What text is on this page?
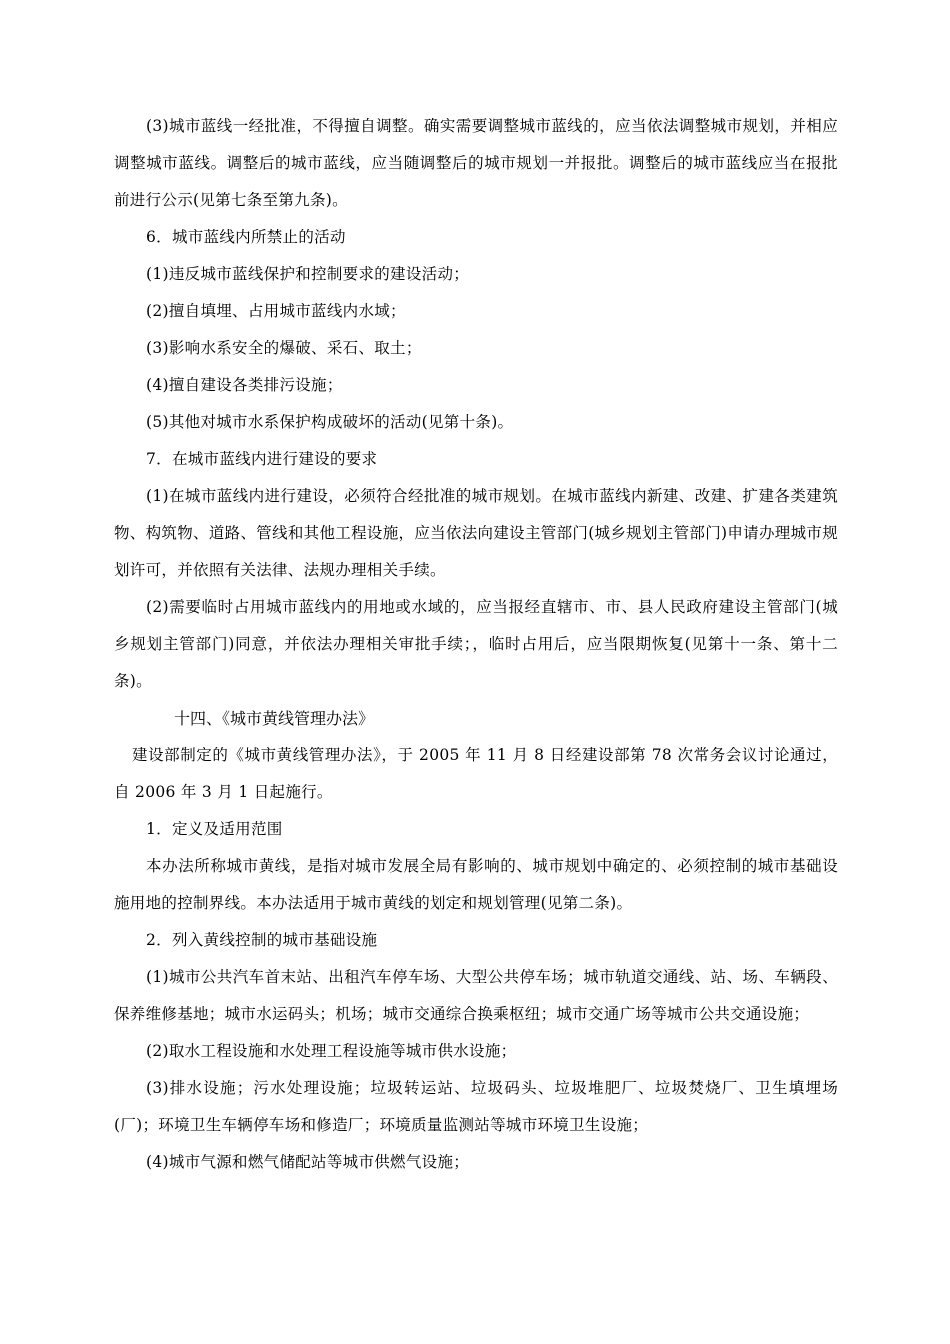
(3)城市蓝线一经批准，不得擅自调整。确实需要调整城市蓝线的，应当依法调整城市规划，并相应调整城市蓝线。调整后的城市蓝线，应当随调整后的城市规划一并报批。调整后的城市蓝线应当在报批前进行公示(见第七条至第九条)。

6．城市蓝线内所禁止的活动

(1)违反城市蓝线保护和控制要求的建设活动；

(2)擅自填埋、占用城市蓝线内水域；

(3)影响水系安全的爆破、采石、取土；

(4)擅自建设各类排污设施；

(5)其他对城市水系保护构成破坏的活动(见第十条)。

7．在城市蓝线内进行建设的要求

(1)在城市蓝线内进行建设，必须符合经批准的城市规划。在城市蓝线内新建、改建、扩建各类建筑物、构筑物、道路、管线和其他工程设施，应当依法向建设主管部门(城乡规划主管部门)申请办理城市规划许可，并依照有关法律、法规办理相关手续。

(2)需要临时占用城市蓝线内的用地或水域的，应当报经直辖市、市、县人民政府建设主管部门(城乡规划主管部门)同意，并依法办理相关审批手续；，临时占用后，应当限期恢复(见第十一条、第十二条)。

十四、《城市黄线管理办法》

建设部制定的《城市黄线管理办法》，于 2005 年 11 月 8 日经建设部第 78 次常务会议讨论通过，自 2006 年 3 月 1 日起施行。

1．定义及适用范围

本办法所称城市黄线，是指对城市发展全局有影响的、城市规划中确定的、必须控制的城市基础设施用地的控制界线。本办法适用于城市黄线的划定和规划管理(见第二条)。

2．列入黄线控制的城市基础设施

(1)城市公共汽车首末站、出租汽车停车场、大型公共停车场；城市轨道交通线、站、场、车辆段、保养维修基地；城市水运码头；机场；城市交通综合换乘枢纽；城市交通广场等城市公共交通设施；

(2)取水工程设施和水处理工程设施等城市供水设施；

(3)排水设施；污水处理设施；垃圾转运站、垃圾码头、垃圾堆肥厂、垃圾焚烧厂、卫生填埋场(厂)；环境卫生车辆停车场和修造厂；环境质量监测站等城市环境卫生设施；

(4)城市气源和燃气储配站等城市供燃气设施；
